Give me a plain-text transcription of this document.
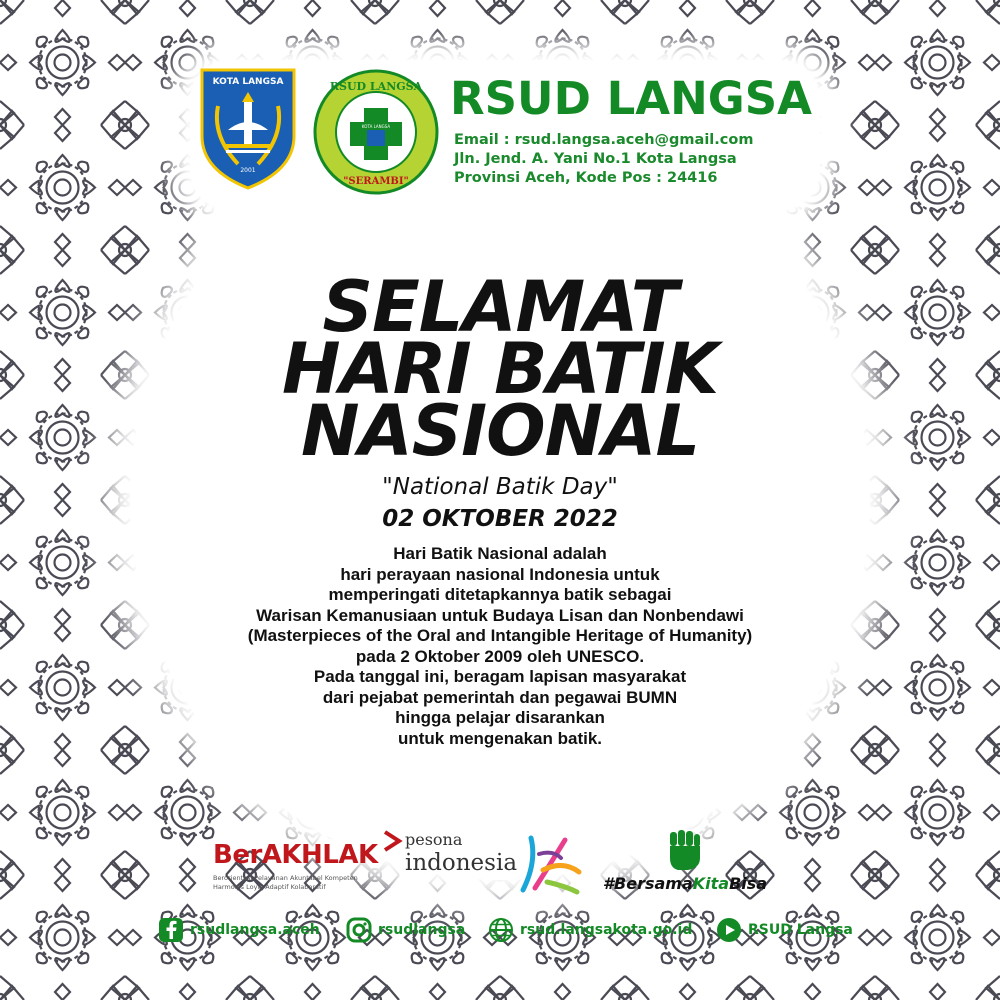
KOTA LANGSA
2001
RSUD LANGSA
KOTA LANGSA
"SERAMBI"
RSUD LANGSA
Email : rsud.langsa.aceh@gmail.com
Jln. Jend. A. Yani No.1 Kota Langsa
Provinsi Aceh, Kode Pos : 24416
SELAMAT
HARI BATIK
NASIONAL
"National Batik Day"
02 OKTOBER 2022
Hari Batik Nasional adalah
hari perayaan nasional Indonesia untuk
memperingati ditetapkannya batik sebagai
Warisan Kemanusiaan untuk Budaya Lisan dan Nonbendawi
(Masterpieces of the Oral and Intangible Heritage of Humanity)
pada 2 Oktober 2009 oleh UNESCO.
Pada tanggal ini, beragam lapisan masyarakat
dari pejabat pemerintah dan pegawai BUMN
hingga pelajar disarankan
untuk mengenakan batik.
BerAKHLAK
Berorientasi Pelayanan Akuntabel Kompeten
Harmonis Loyal Adaptif Kolaboratif
pesona
indonesia
#BersamaKitaBisa
rsudlangsa.aceh	rsudlangsa	rsud.langsakota.go.id	RSUD Langsa
